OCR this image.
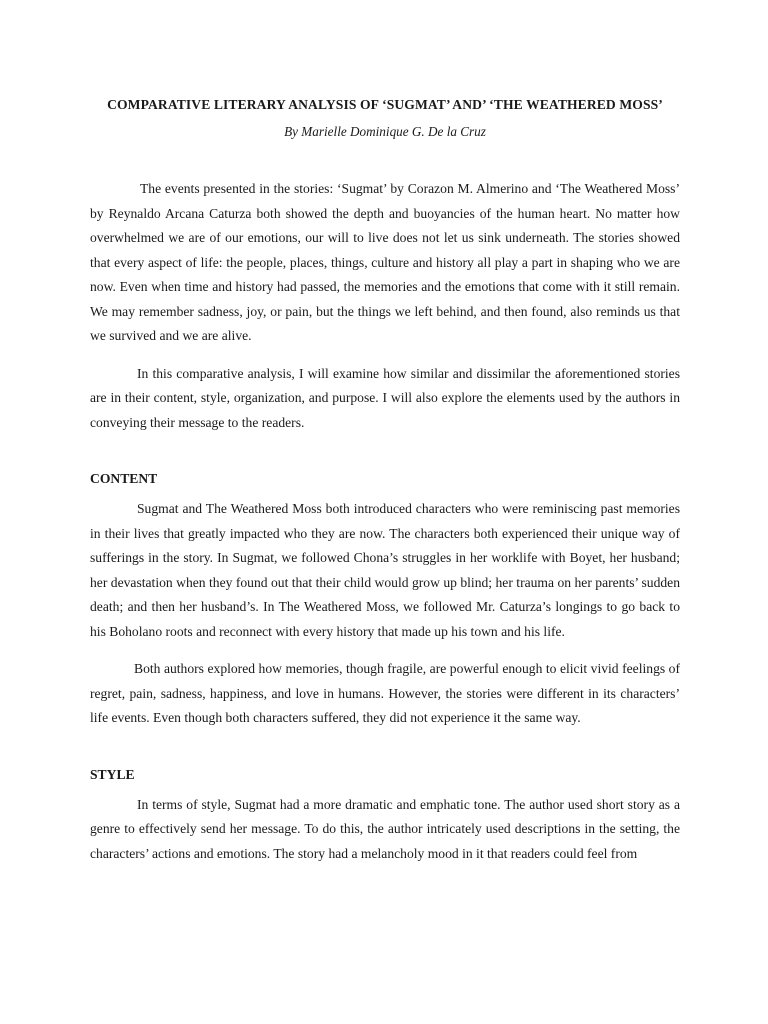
COMPARATIVE LITERARY ANALYSIS OF ‘SUGMAT’ AND’ ‘THE WEATHERED MOSS’

By Marielle Dominique G. De la Cruz

The events presented in the stories: ‘Sugmat’ by Corazon M. Almerino and ‘The Weathered Moss’ by Reynaldo Arcana Caturza both showed the depth and buoyancies of the human heart. No matter how overwhelmed we are of our emotions, our will to live does not let us sink underneath. The stories showed that every aspect of life: the people, places, things, culture and history all play a part in shaping who we are now. Even when time and history had passed, the memories and the emotions that come with it still remain. We may remember sadness, joy, or pain, but the things we left behind, and then found, also reminds us that we survived and we are alive.

In this comparative analysis, I will examine how similar and dissimilar the aforementioned stories are in their content, style, organization, and purpose. I will also explore the elements used by the authors in conveying their message to the readers.

CONTENT

Sugmat and The Weathered Moss both introduced characters who were reminiscing past memories in their lives that greatly impacted who they are now. The characters both experienced their unique way of sufferings in the story. In Sugmat, we followed Chona’s struggles in her worklife with Boyet, her husband; her devastation when they found out that their child would grow up blind; her trauma on her parents’ sudden death; and then her husband’s. In The Weathered Moss, we followed Mr. Caturza’s longings to go back to his Boholano roots and reconnect with every history that made up his town and his life.

Both authors explored how memories, though fragile, are powerful enough to elicit vivid feelings of regret, pain, sadness, happiness, and love in humans. However, the stories were different in its characters’ life events. Even though both characters suffered, they did not experience it the same way.

STYLE

In terms of style, Sugmat had a more dramatic and emphatic tone. The author used short story as a genre to effectively send her message. To do this, the author intricately used descriptions in the setting, the characters’ actions and emotions. The story had a melancholy mood in it that readers could feel from
